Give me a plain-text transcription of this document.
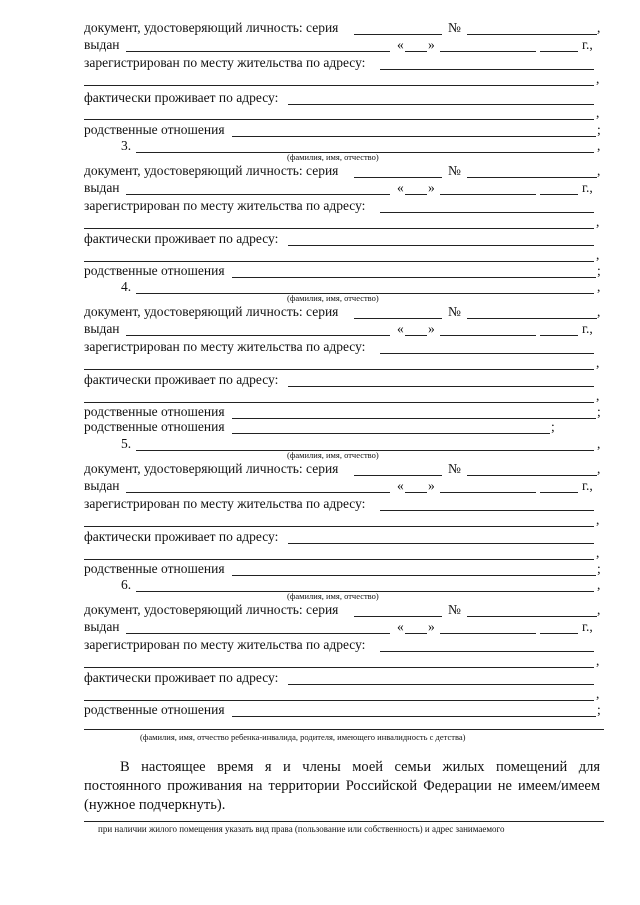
документ, удостоверяющий личность: серия	№	,
выдан	« »	г.,
зарегистрирован по месту жительства по адресу:
,
фактически проживает по адресу:
,
родственные отношения	;
3.	,
(фамилия, имя, отчество)
документ, удостоверяющий личность: серия	№	,
выдан	« »	г.,
зарегистрирован по месту жительства по адресу:
,
фактически проживает по адресу:
,
родственные отношения	;
4.	,
(фамилия, имя, отчество)
документ, удостоверяющий личность: серия	№	,
выдан	« »	г.,
зарегистрирован по месту жительства по адресу:
,
фактически проживает по адресу:
,
родственные отношения	;
родственные отношения	;
5.	,
(фамилия, имя, отчество)
документ, удостоверяющий личность: серия	№	,
выдан	« »	г.,
зарегистрирован по месту жительства по адресу:
,
фактически проживает по адресу:
,
родственные отношения	;
6.	,
(фамилия, имя, отчество)
документ, удостоверяющий личность: серия	№	,
выдан	« »	г.,
зарегистрирован по месту жительства по адресу:
,
фактически проживает по адресу:
,
родственные отношения	;
(фамилия, имя, отчество ребенка-инвалида, родителя, имеющего инвалидность с детства)
В настоящее время я и члены моей семьи жилых помещений для постоянного проживания на территории Российской Федерации не имеем/имеем (нужное подчеркнуть).
при наличии жилого помещения указать вид права (пользование или собственность) и адрес занимаемого
